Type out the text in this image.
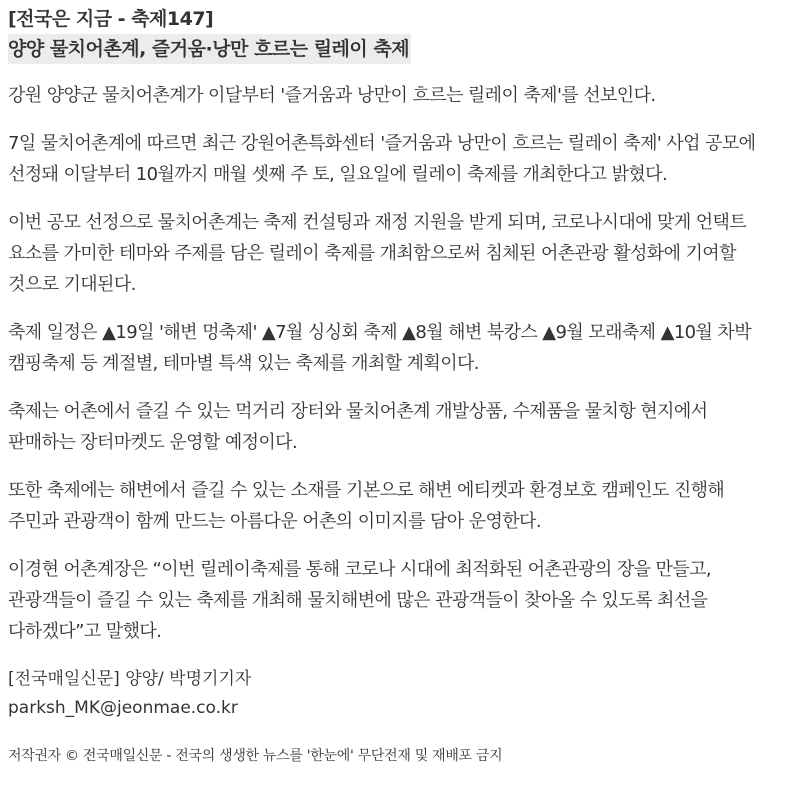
[전국은 지금 - 축제147]
양양 물치어촌계, 즐거움·낭만 흐르는 릴레이 축제

강원 양양군 물치어촌계가 이달부터 '즐거움과 낭만이 흐르는 릴레이 축제'를 선보인다.

7일 물치어촌계에 따르면 최근 강원어촌특화센터 '즐거움과 낭만이 흐르는 릴레이 축제' 사업 공모에 선정돼 이달부터 10월까지 매월 셋째 주 토, 일요일에 릴레이 축제를 개최한다고 밝혔다.

이번 공모 선정으로 물치어촌계는 축제 컨설팅과 재정 지원을 받게 되며, 코로나시대에 맞게 언택트 요소를 가미한 테마와 주제를 담은 릴레이 축제를 개최함으로써 침체된 어촌관광 활성화에 기여할 것으로 기대된다.

축제 일정은 ▲19일 '해변 멍축제' ▲7월 싱싱회 축제 ▲8월 해변 북캉스 ▲9월 모래축제 ▲10월 차박 캠핑축제 등 계절별, 테마별 특색 있는 축제를 개최할 계획이다.

축제는 어촌에서 즐길 수 있는 먹거리 장터와 물치어촌계 개발상품, 수제품을 물치항 현지에서 판매하는 장터마켓도 운영할 예정이다.

또한 축제에는 해변에서 즐길 수 있는 소재를 기본으로 해변 에티켓과 환경보호 캠페인도 진행해 주민과 관광객이 함께 만드는 아름다운 어촌의 이미지를 담아 운영한다.

이경현 어촌계장은 “이번 릴레이축제를 통해 코로나 시대에 최적화된 어촌관광의 장을 만들고, 관광객들이 즐길 수 있는 축제를 개최해 물치해변에 많은 관광객들이 찾아올 수 있도록 최선을 다하겠다”고 말했다.

[전국매일신문] 양양/ 박명기기자

parksh_MK@jeonmae.co.kr

저작권자 © 전국매일신문 - 전국의 생생한 뉴스를 '한눈에' 무단전재 및 재배포 금지
